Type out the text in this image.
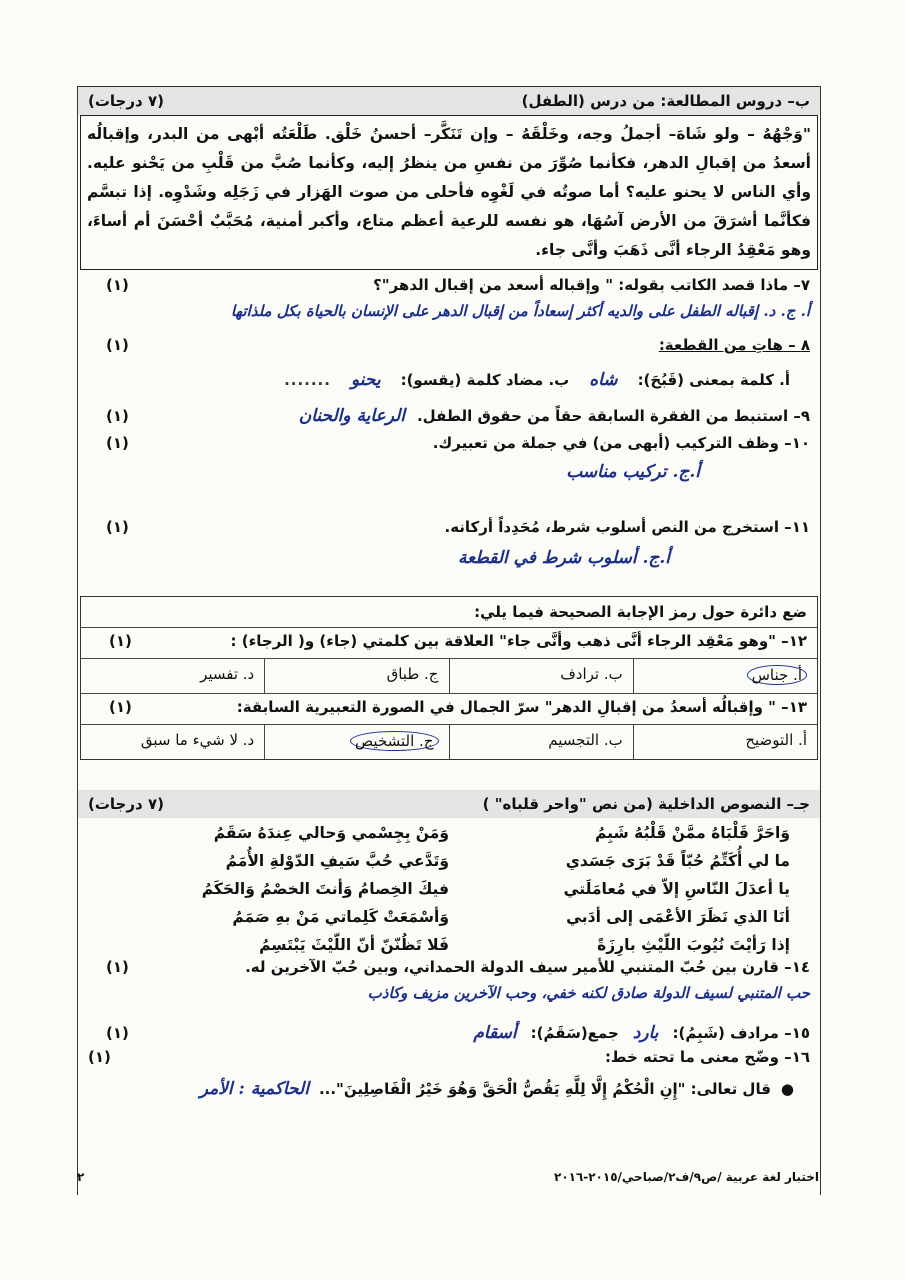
ب– دروس المطالعة: من درس (الطفل)
(٧ درجات)
"وَجْهُهُ – ولو شَاهَ– أجملُ وجه، وخَلْقَهُ – وإن تَنَكَّر– أحسنُ خَلْق. طَلْعَتُه أبْهى من البدر، وإقبالُه أسعدُ من إقبالِ الدهر، فكأنما صُوِّرَ من نفسِ من ينظرُ إليه، وكأنما صُبَّ من قَلْبِ من يَحْنو عليه. وأي الناس لا يحنو عليه؟ أما صوتُه في لَغْوِه فأحلى من صوت الهَزار في زَجَلِه وشَدْوِه. إذا تبسَّم فكأنَّما أشرَقَ من الأرض آسُهَا، هو نفسه للرعية أعظم متاع، وأكبر أمنية، مُحَبَّبٌ أحْسَنَ أم أساءَ، وهو مَعْقِدُ الرجاء أنَّى ذَهَبَ وأنَّى جاء.
٧– ماذا قصد الكاتب بقوله: " وإقباله أسعد من إقبال الدهر"؟
(١)
أ. ج. د. إقباله الطفل على والديه أكثر إسعاداً من إقبال الدهر على الإنسان بالحياة بكل ملذاتها
٨ – هاتِ من القطعة:
(١)
أ. كلمة بمعنى (قَبُحَ):
شاه
ب. مضاد كلمة (يقسو):
يحنو
.......
٩– استنبط من الفقرة السابقة حقاً من حقوق الطفل.
الرعاية والحنان
(١)
١٠– وظف التركيب (أبهى من) في جملة من تعبيرك.
(١)
أ.ج. تركيب مناسب
١١– استخرج من النص أسلوب شرط، مُحَدِداً أركانه.
(١)
أ.ج. أسلوب شرط في القطعة
ضع دائرة حول رمز الإجابة الصحيحة فيما يلي:
١٢– "وهو مَعْقِد الرجاء أنَّى ذهب وأنَّى جاء" العلاقة بين كلمتي (جاء) و( الرجاء) :
(١)
أ. جناس
ب. ترادف
ج. طباق
د. تفسير
١٣– " وإقبالُه أسعدُ من إقبالِ الدهر" سرّ الجمال في الصورة التعبيرية السابقة:
(١)
أ. التوضيح
ب. التجسيم
ج. التشخيص
د. لا شيء ما سبق
جـ– النصوص الداخلية (من نص "واحر قلباه" )
(٧ درجات)
وَاحَرَّ قَلْبَاهُ ممَّنْ قَلْبُهُ شَبِمُ
وَمَنْ بِجِسْمي وَحالي عِندَهُ سَقَمُ
ما لي أُكَتِّمُ حُبّاً قَدْ بَرَى جَسَدي
وَتَدَّعي حُبَّ سَيفِ الدّوْلةِ الأُمَمُ
يا أعدَلَ النّاسِ إلاّ في مُعامَلَتي
فيكَ الخِصامُ وَأنتَ الخصْمُ وَالحَكَمُ
أنَا الذي نَظَرَ الأعْمَى إلى أدَبي
وَأسْمَعَتْ كَلِماتي مَنْ بهِ صَمَمُ
إذا رَأيْتَ نُيُوبَ اللّيْثِ بارِزَةً
فَلا تَظُنّنّ أنّ اللّيْثَ يَبْتَسِمُ
١٤– قارن بين حُبّ المتنبي للأمير سيف الدولة الحمداني، وبين حُبّ الآخرين له.
(١)
حب المتنبي لسيف الدولة صادق لكنه خفي، وحب الآخرين مزيف وكاذب
١٥– مرادف (شَبِمُ):
بارد
جمع(سَقَمُ):
أسقام
(١)
١٦– وضّح معنى ما تحته خط:
(١)
●
قال تعالى: "إِنِ الْحُكْمُ إِلَّا لِلَّهِ يَقُصُّ الْحَقَّ وَهُوَ خَيْرُ الْفَاصِلِينَ"...
الحاكمية : الأمر
اختبار لغة عربية /ص٩/ف٢/صباحي/٢٠١٥-٢٠١٦
٢
